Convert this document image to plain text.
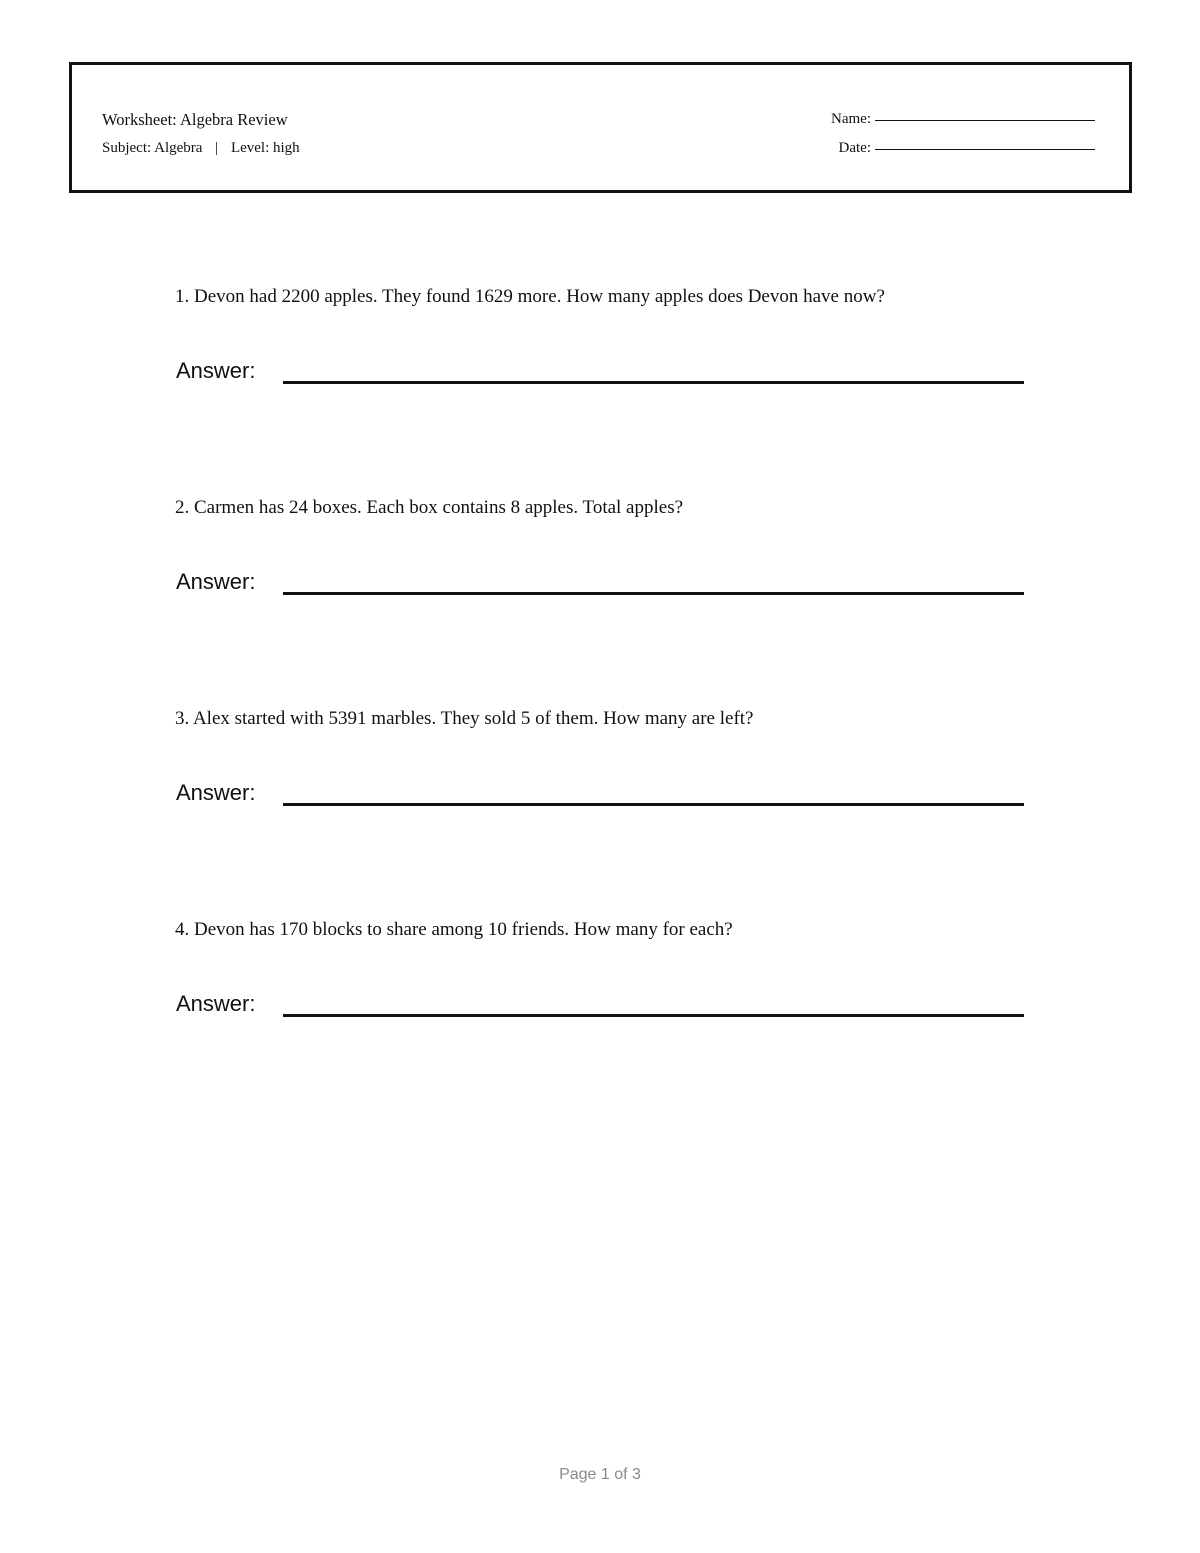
Worksheet: Algebra Review
Subject: Algebra | Level: high
Name:
Date:
1. Devon had 2200 apples. They found 1629 more. How many apples does Devon have now?
Answer:
2. Carmen has 24 boxes. Each box contains 8 apples. Total apples?
Answer:
3. Alex started with 5391 marbles. They sold 5 of them. How many are left?
Answer:
4. Devon has 170 blocks to share among 10 friends. How many for each?
Answer:
Page 1 of 3
